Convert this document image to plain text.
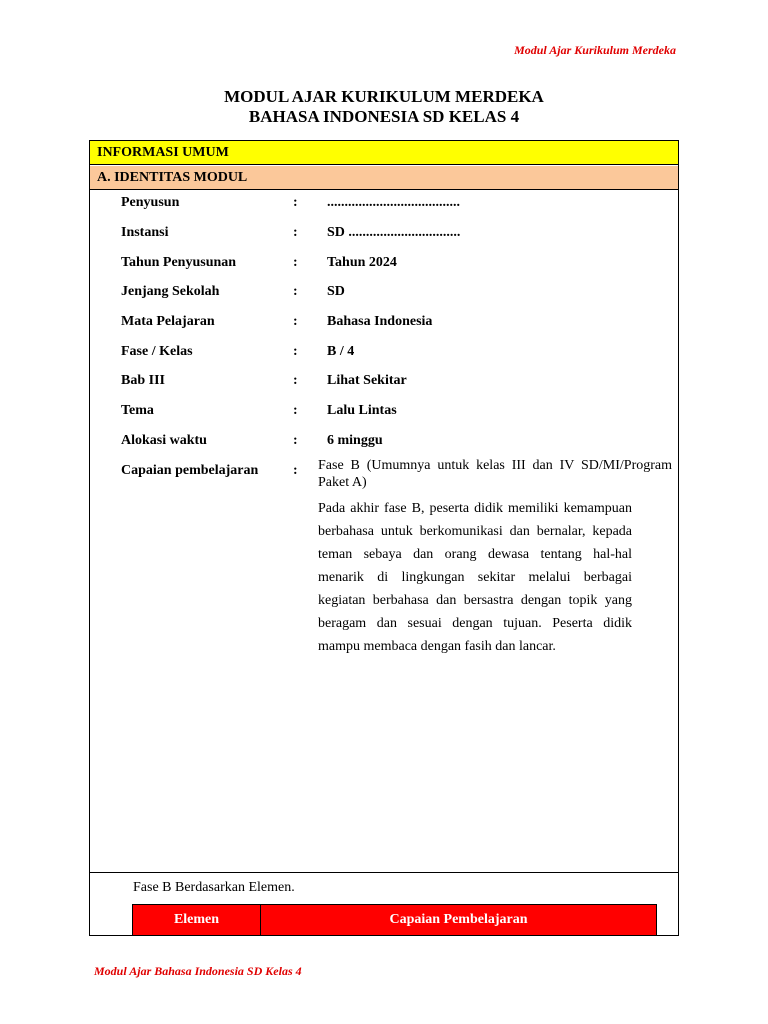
Modul Ajar Kurikulum Merdeka
MODUL AJAR KURIKULUM MERDEKA
BAHASA INDONESIA SD KELAS 4
INFORMASI UMUM
A. IDENTITAS MODUL
Penyusun	: ......................................
Instansi	: SD ................................
Tahun Penyusunan	: Tahun 2024
Jenjang Sekolah	: SD
Mata Pelajaran	: Bahasa Indonesia
Fase / Kelas	: B / 4
Bab III	: Lihat Sekitar
Tema	: Lalu Lintas
Alokasi waktu	: 6 minggu
Capaian pembelajaran : Fase B (Umumnya untuk kelas III dan IV SD/MI/Program Paket A)
Pada akhir fase B, peserta didik memiliki kemampuan berbahasa untuk berkomunikasi dan bernalar, kepada teman sebaya dan orang dewasa tentang hal-hal menarik di lingkungan sekitar melalui berbagai kegiatan berbahasa dan bersastra dengan topik yang beragam dan sesuai dengan tujuan. Peserta didik mampu membaca dengan fasih dan lancar.
Fase B Berdasarkan Elemen.
Elemen	Capaian Pembelajaran
Modul Ajar Bahasa Indonesia SD Kelas 4
